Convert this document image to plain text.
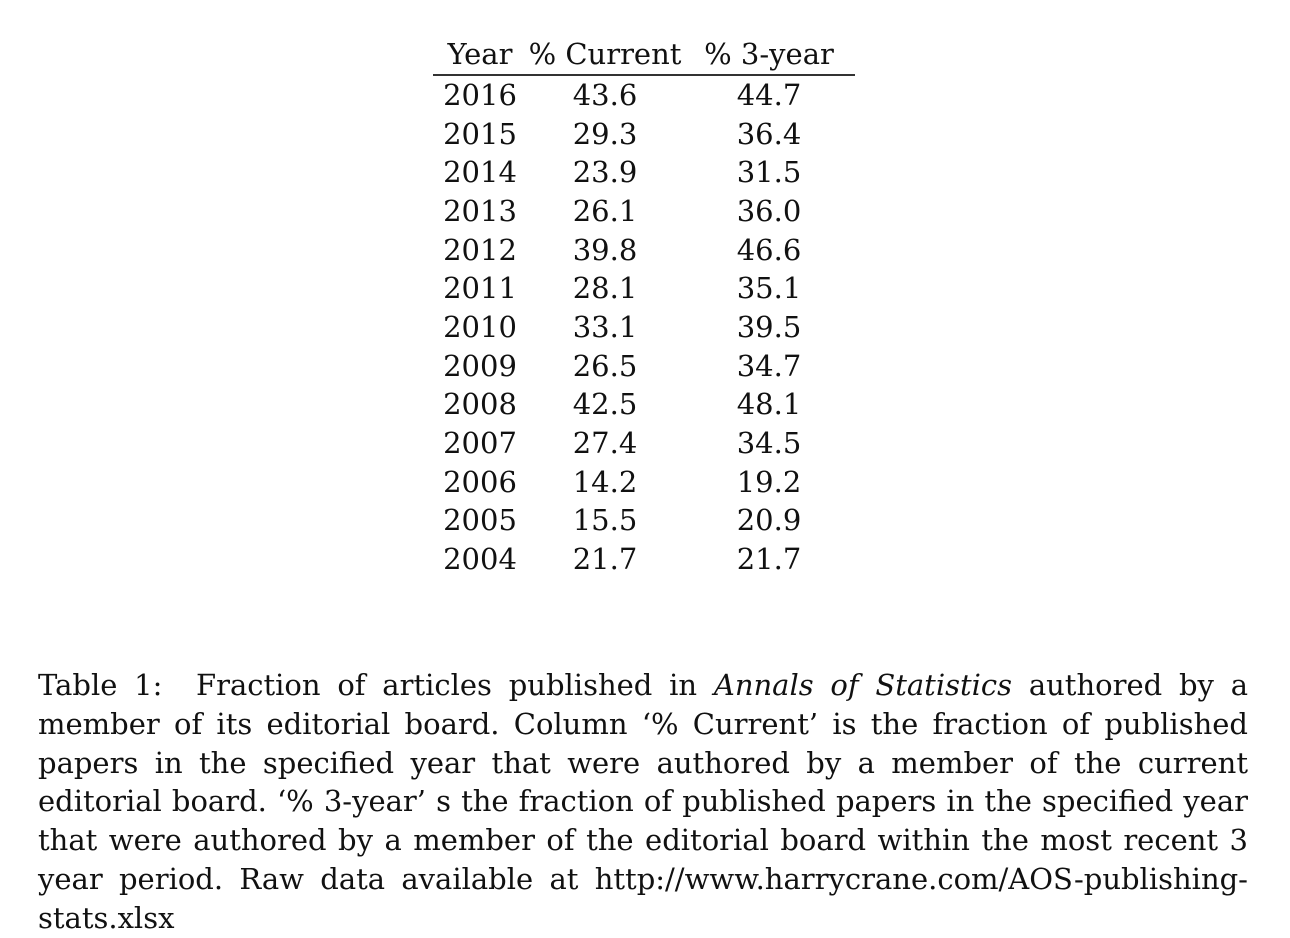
Year	% Current	% 3-year
2016	43.6	44.7
2015	29.3	36.4
2014	23.9	31.5
2013	26.1	36.0
2012	39.8	46.6
2011	28.1	35.1
2010	33.1	39.5
2009	26.5	34.7
2008	42.5	48.1
2007	27.4	34.5
2006	14.2	19.2
2005	15.5	20.9
2004	21.7	21.7

Table 1: Fraction of articles published in Annals of Statistics authored by a member of its editorial board. Column ‘% Current’ is the fraction of published papers in the specified year that were authored by a member of the current editorial board. ‘% 3-year’ s the fraction of published papers in the specified year that were authored by a member of the editorial board within the most recent 3 year period. Raw data available at http://www.harrycrane.com/AOS-publishing-stats.xlsx
